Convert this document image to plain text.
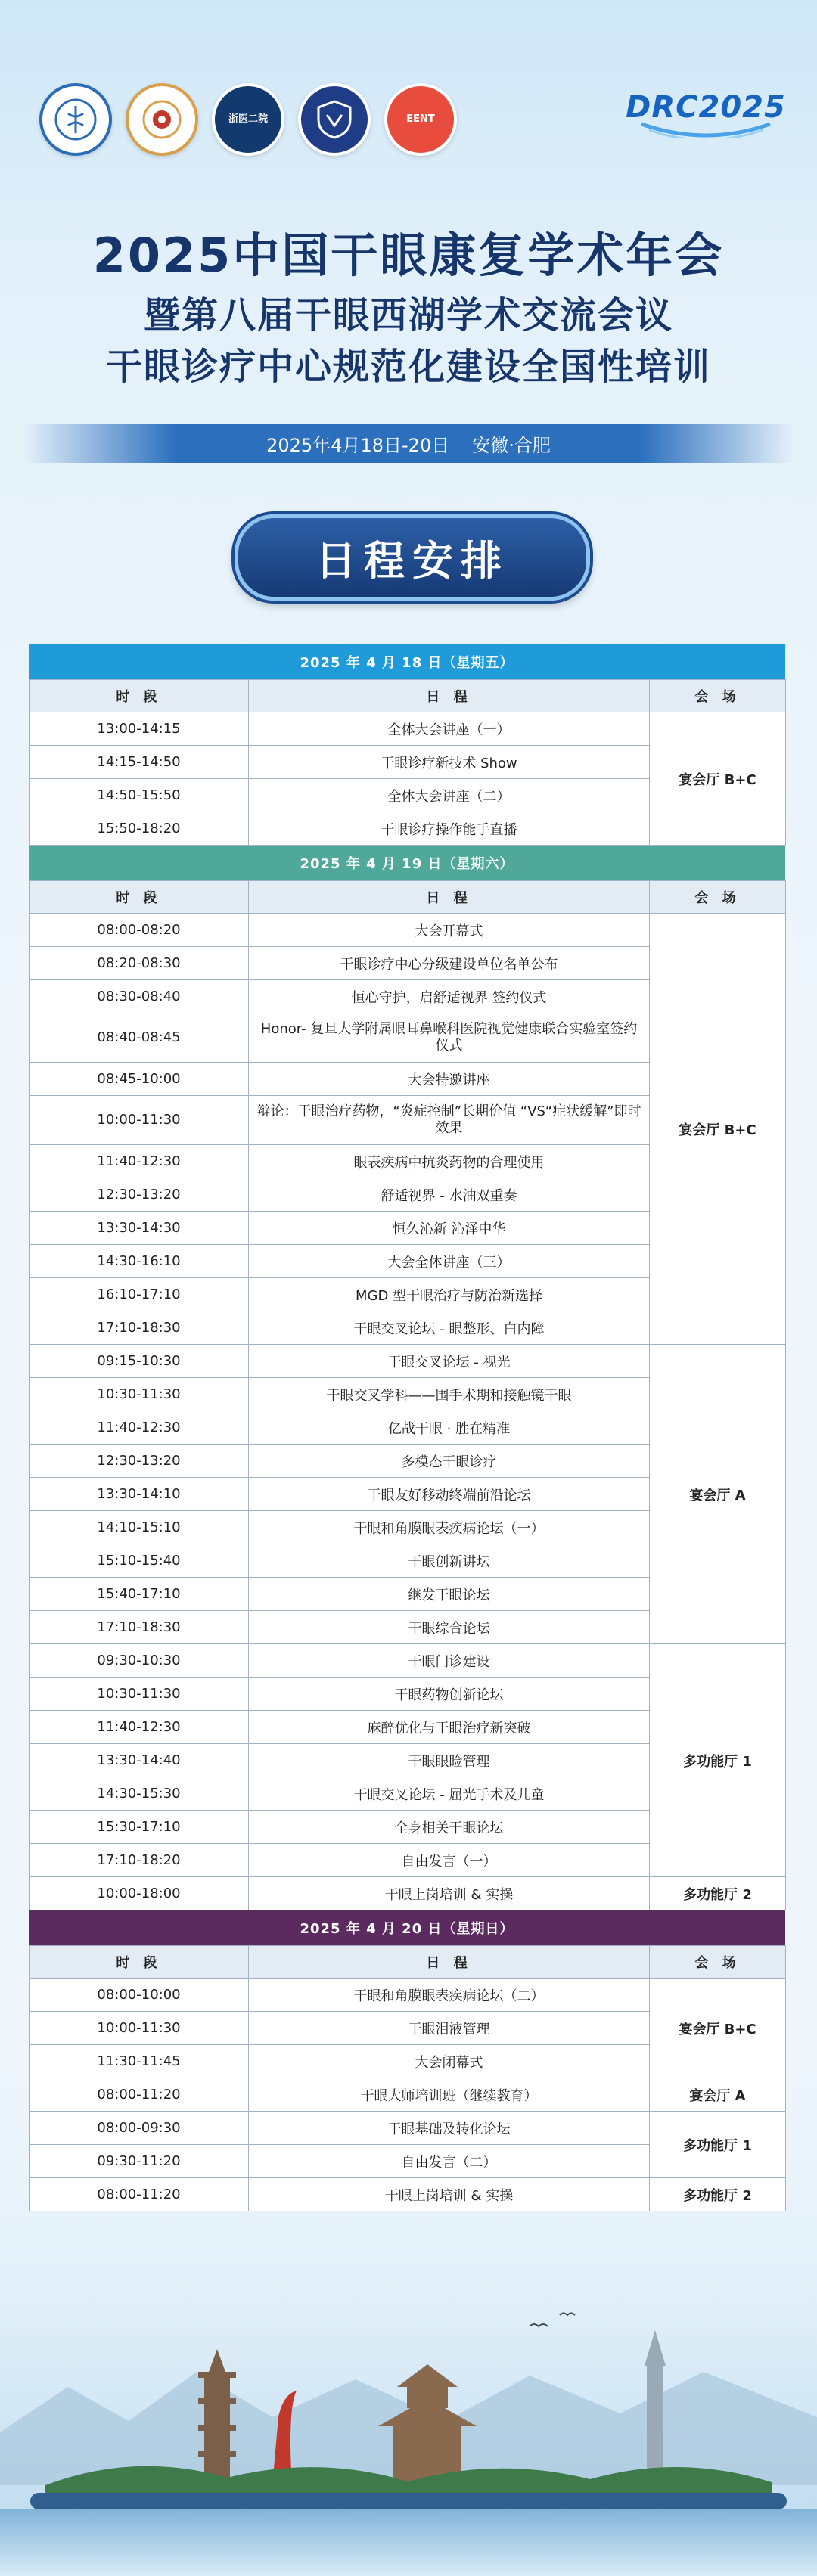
浙医二院	EENT	DRC2025
2025中国干眼康复学术年会
暨第八届干眼西湖学术交流会议
干眼诊疗中心规范化建设全国性培训
2025年4月18日-20日 安徽·合肥
日程安排
2025 年 4 月 18 日（星期五）
时 段	日 程	会 场
13:00-14:15	全体大会讲座（一）	宴会厅 B+C
14:15-14:50	干眼诊疗新技术 Show	
14:50-15:50	全体大会讲座（二）	
15:50-18:20	干眼诊疗操作能手直播	
2025 年 4 月 19 日（星期六）
时 段	日 程	会 场
08:00-08:20	大会开幕式	宴会厅 B+C
08:20-08:30	干眼诊疗中心分级建设单位名单公布	
08:30-08:40	恒心守护，启舒适视界 签约仪式	
08:40-08:45	Honor- 复旦大学附属眼耳鼻喉科医院视觉健康联合实验室签约仪式	
08:45-10:00	大会特邀讲座	
10:00-11:30	辩论：干眼治疗药物，“炎症控制”长期价值 “VS“症状缓解”即时效果	
11:40-12:30	眼表疾病中抗炎药物的合理使用	
12:30-13:20	舒适视界 - 水油双重奏	
13:30-14:30	恒久沁新 沁泽中华	
14:30-16:10	大会全体讲座（三）	
16:10-17:10	MGD 型干眼治疗与防治新选择	
17:10-18:30	干眼交叉论坛 - 眼整形、白内障	
09:15-10:30	干眼交叉论坛 - 视光	宴会厅 A
10:30-11:30	干眼交叉学科——围手术期和接触镜干眼	
11:40-12:30	亿战干眼 · 胜在精准	
12:30-13:20	多模态干眼诊疗	
13:30-14:10	干眼友好移动终端前沿论坛	
14:10-15:10	干眼和角膜眼表疾病论坛（一）	
15:10-15:40	干眼创新讲坛	
15:40-17:10	继发干眼论坛	
17:10-18:30	干眼综合论坛	
09:30-10:30	干眼门诊建设	多功能厅 1
10:30-11:30	干眼药物创新论坛	
11:40-12:30	麻醉优化与干眼治疗新突破	
13:30-14:40	干眼眼睑管理	
14:30-15:30	干眼交叉论坛 - 屈光手术及儿童	
15:30-17:10	全身相关干眼论坛	
17:10-18:20	自由发言（一）	
10:00-18:00	干眼上岗培训 & 实操	多功能厅 2
2025 年 4 月 20 日（星期日）
时 段	日 程	会 场
08:00-10:00	干眼和角膜眼表疾病论坛（二）	宴会厅 B+C
10:00-11:30	干眼泪液管理	
11:30-11:45	大会闭幕式	
08:00-11:20	干眼大师培训班（继续教育）	宴会厅 A
08:00-09:30	干眼基础及转化论坛	多功能厅 1
09:30-11:20	自由发言（二）	
08:00-11:20	干眼上岗培训 & 实操	多功能厅 2
